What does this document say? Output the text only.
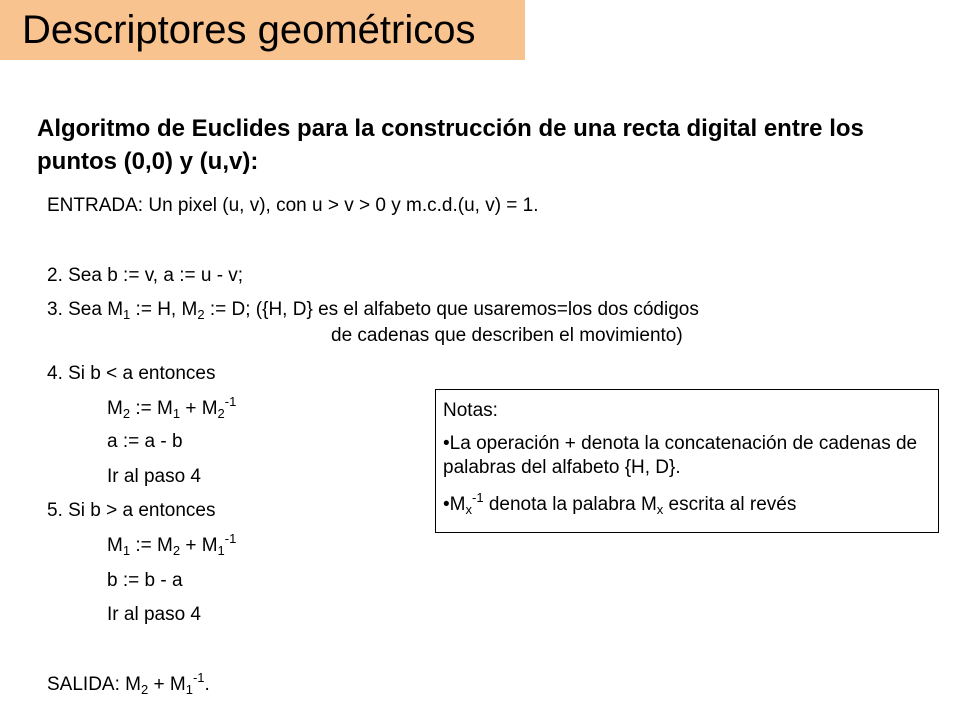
Descriptores geométricos
Algoritmo de Euclides para la construcción de una recta digital entre los puntos (0,0) y (u,v):
ENTRADA: Un pixel (u, v), con u > v > 0 y m.c.d.(u, v) = 1.
2. Sea b := v, a := u - v;
3. Sea $M_1$ := H, $M_2$ := D; ({H, D} es el alfabeto que usaremos=los dos códigos
de cadenas que describen el movimiento)
4. Si b < a entonces
$M_2$ := $M_1 + M_2^{-1}$
a := a - b
Ir al paso 4
5. Si b > a entonces
$M_1$ := $M_2 + M_1^{-1}$
b := b - a
Ir al paso 4
SALIDA: $M_2 + M_1^{-1}$.
Notas:
•La operación + denota la concatenación de cadenas de palabras del alfabeto {H, D}.
$•M_x^{-1}$ denota la palabra $M_x$ escrita al revés
